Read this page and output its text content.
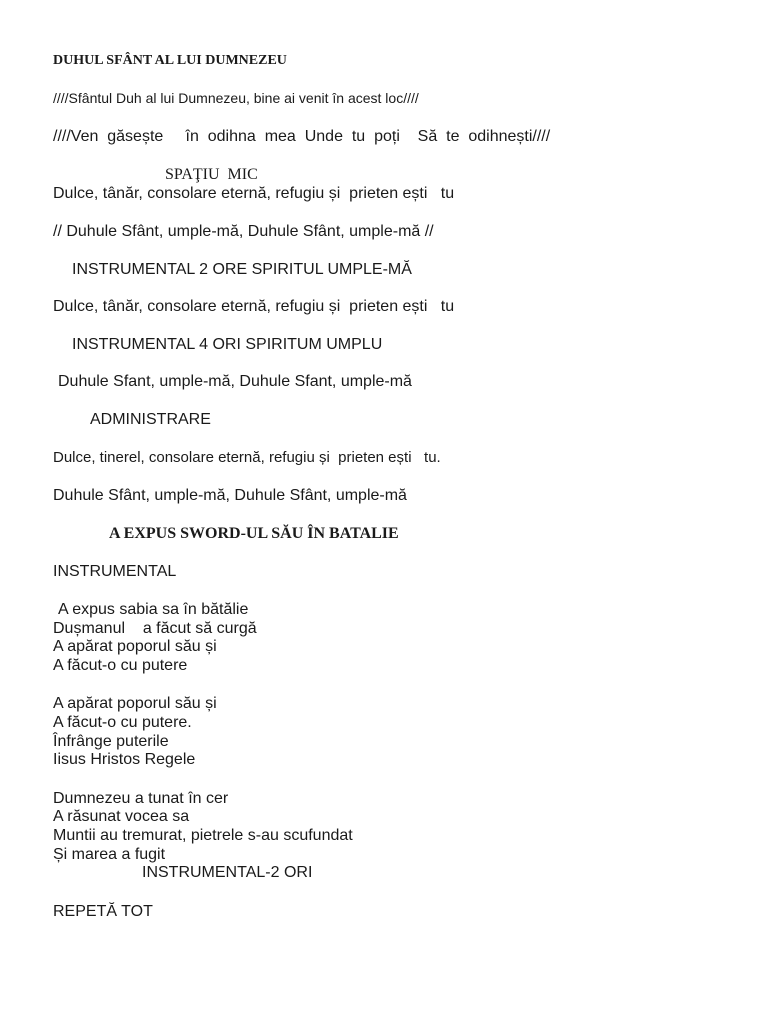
DUHUL SFÂNT AL LUI DUMNEZEU
////Sfântul Duh al lui Dumnezeu, bine ai venit în acest loc////
////Ven  găsește     în  odihna  mea  Unde  tu  poți    Să  te  odihnești////
SPAŢIU  MIC
Dulce, tânăr, consolare eternă, refugiu și  prieten ești   tu
// Duhule Sfânt, umple-mă, Duhule Sfânt, umple-mă //
INSTRUMENTAL 2 ORE SPIRITUL UMPLE-MĂ
Dulce, tânăr, consolare eternă, refugiu și  prieten ești   tu
INSTRUMENTAL 4 ORI SPIRITUM UMPLU
Duhule Sfant, umple-mă, Duhule Sfant, umple-mă
ADMINISTRARE
Dulce, tinerel, consolare eternă, refugiu și  prieten ești   tu.
Duhule Sfânt, umple-mă, Duhule Sfânt, umple-mă
A EXPUS SWORD-UL SĂU ÎN BATALIE
INSTRUMENTAL
A expus sabia sa în bătălie
Dușmanul    a făcut să curgă
A apărat poporul său și
A făcut-o cu putere
A apărat poporul său și
A făcut-o cu putere.
Înfrânge puterile
Iisus Hristos Regele
Dumnezeu a tunat în cer
A răsunat vocea sa
Muntii au tremurat, pietrele s-au scufundat
Și marea a fugit
INSTRUMENTAL-2 ORI
REPETĂ TOT
